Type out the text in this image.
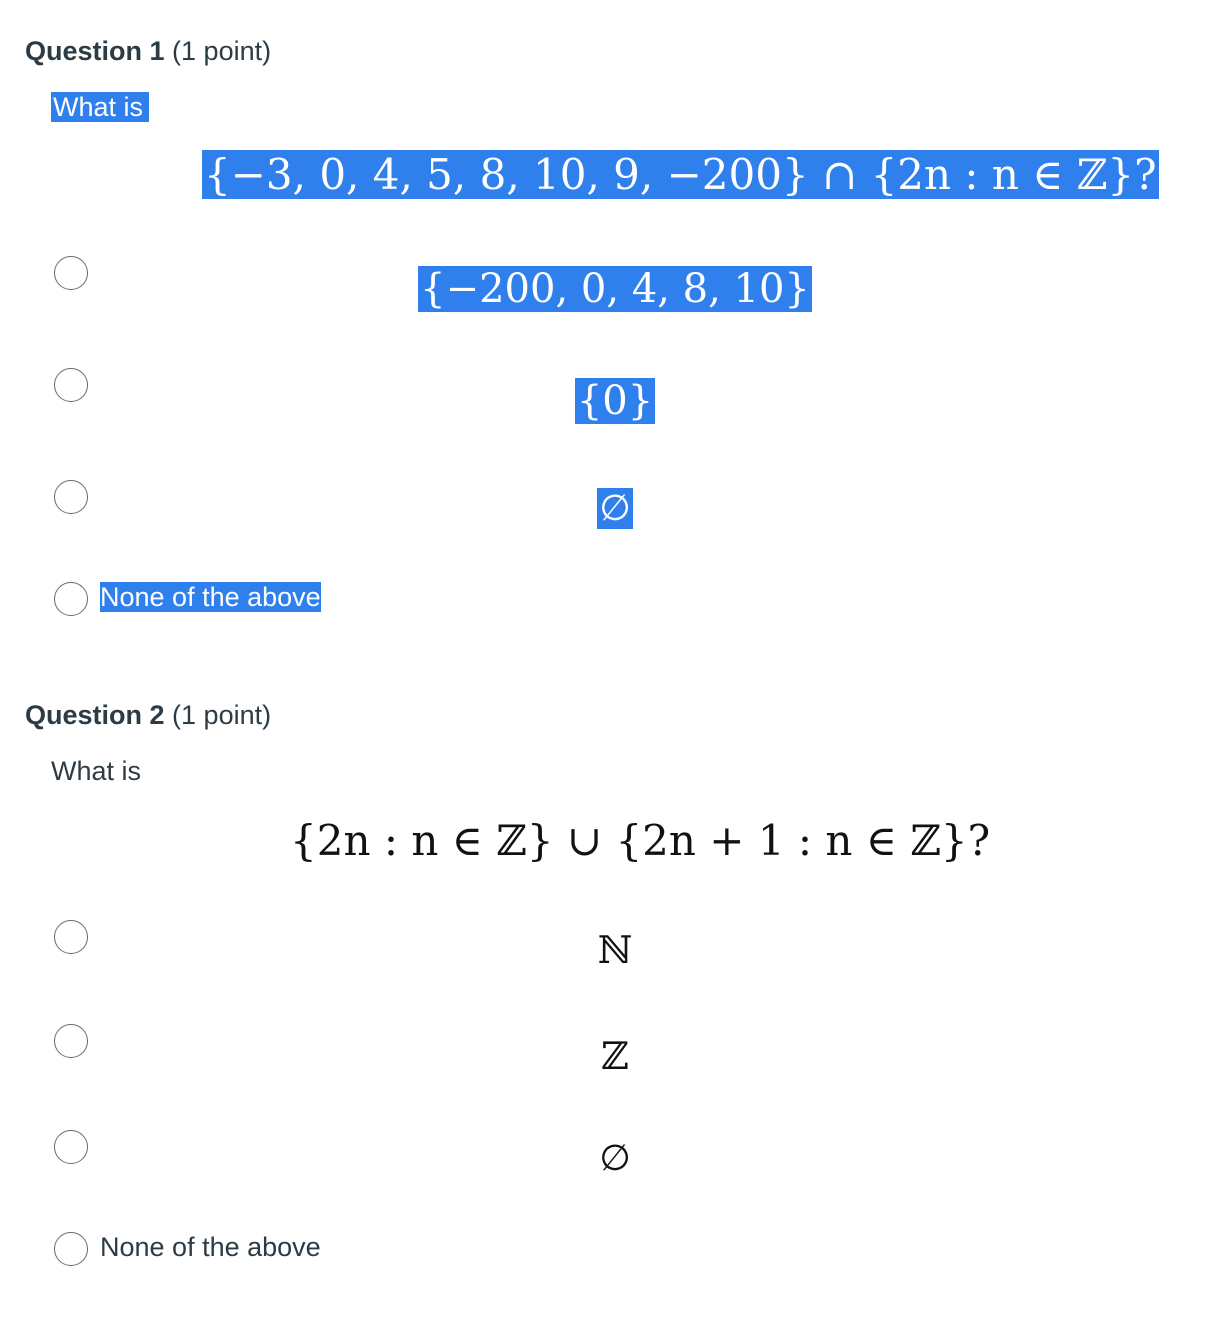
Question 1 (1 point)
What is
{−3, 0, 4, 5, 8, 10, 9, −200} ∩ {2n : n ∈ ℤ}?
{−200, 0, 4, 8, 10}
{0}
∅
None of the above
Question 2 (1 point)
What is
{2n : n ∈ ℤ} ∪ {2n + 1 : n ∈ ℤ}?
ℕ
ℤ
∅
None of the above
